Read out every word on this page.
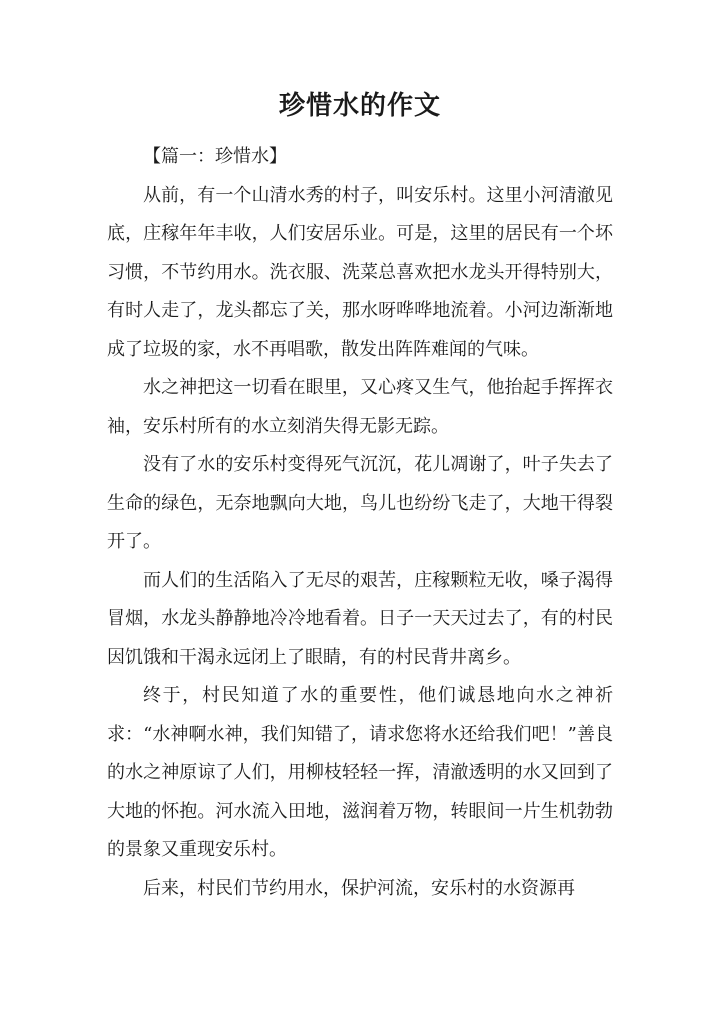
珍惜水的作文

【篇一：珍惜水】

从前，有一个山清水秀的村子，叫安乐村。这里小河清澈见底，庄稼年年丰收，人们安居乐业。可是，这里的居民有一个坏习惯，不节约用水。洗衣服、洗菜总喜欢把水龙头开得特别大，有时人走了，龙头都忘了关，那水呀哗哗地流着。小河边渐渐地成了垃圾的家，水不再唱歌，散发出阵阵难闻的气味。

水之神把这一切看在眼里，又心疼又生气，他抬起手挥挥衣袖，安乐村所有的水立刻消失得无影无踪。

没有了水的安乐村变得死气沉沉，花儿凋谢了，叶子失去了生命的绿色，无奈地飘向大地，鸟儿也纷纷飞走了，大地干得裂开了。

而人们的生活陷入了无尽的艰苦，庄稼颗粒无收，嗓子渴得冒烟，水龙头静静地冷冷地看着。日子一天天过去了，有的村民因饥饿和干渴永远闭上了眼睛，有的村民背井离乡。

终于，村民知道了水的重要性，他们诚恳地向水之神祈求：“水神啊水神，我们知错了，请求您将水还给我们吧！”善良的水之神原谅了人们，用柳枝轻轻一挥，清澈透明的水又回到了大地的怀抱。河水流入田地，滋润着万物，转眼间一片生机勃勃的景象又重现安乐村。

后来，村民们节约用水，保护河流，安乐村的水资源再
